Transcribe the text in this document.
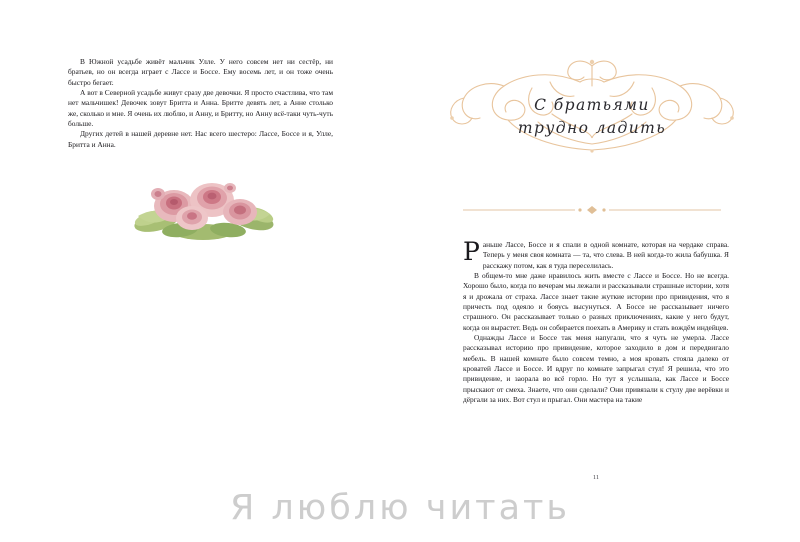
В Южной усадьбе живёт мальчик Улле. У него совсем нет ни сестёр, ни братьев, но он всегда играет с Лассе и Боссе. Ему восемь лет, и он тоже очень быстро бегает.

А вот в Северной усадьбе живут сразу две девочки. Я просто счастлива, что там нет мальчишек! Девочек зовут Бритта и Анна. Бритте девять лет, а Анне столько же, сколько и мне. Я очень их люблю, и Анну, и Бритту, но Анну всё-таки чуть-чуть больше.

Других детей в нашей деревне нет. Нас всего шестеро: Лассе, Боссе и я, Улле, Бритта и Анна.

С братьями
трудно ладить

Раньше Лассе, Боссе и я спали в одной комнате, которая на чердаке справа. Теперь у меня своя комната — та, что слева. В ней когда-то жила бабушка. Я расскажу потом, как я туда переселилась.

В общем-то мне даже нравилось жить вместе с Лассе и Боссе. Но не всегда. Хорошо было, когда по вечерам мы лежали и рассказывали страшные истории, хотя я и дрожала от страха. Лассе знает такие жуткие истории про привидения, что я причесть под одеяло и бояусь высунуться. А Боссе не рассказывает ничего страшного. Он рассказывает только о разных приключениях, какие у него будут, когда он вырастет. Ведь он собирается поехать в Америку и стать вождём индейцев.

Однажды Лассе и Боссе так меня напугали, что я чуть не умерла. Лассе рассказывал историю про привидение, которое заходило в дом и передвигало мебель. В нашей комнате было совсем темно, а моя кровать стояла далеко от кроватей Лассе и Боссе. И вдруг по комнате запрыгал стул! Я решила, что это привидение, и заорала во всё горло. Но тут я услышала, как Лассе и Боссе прыскают от смеха. Знаете, что они сделали? Они привязали к стулу две верёвки и дёргали за них. Вот стул и прыгал. Они мастера на такие

11
Я люблю читать
